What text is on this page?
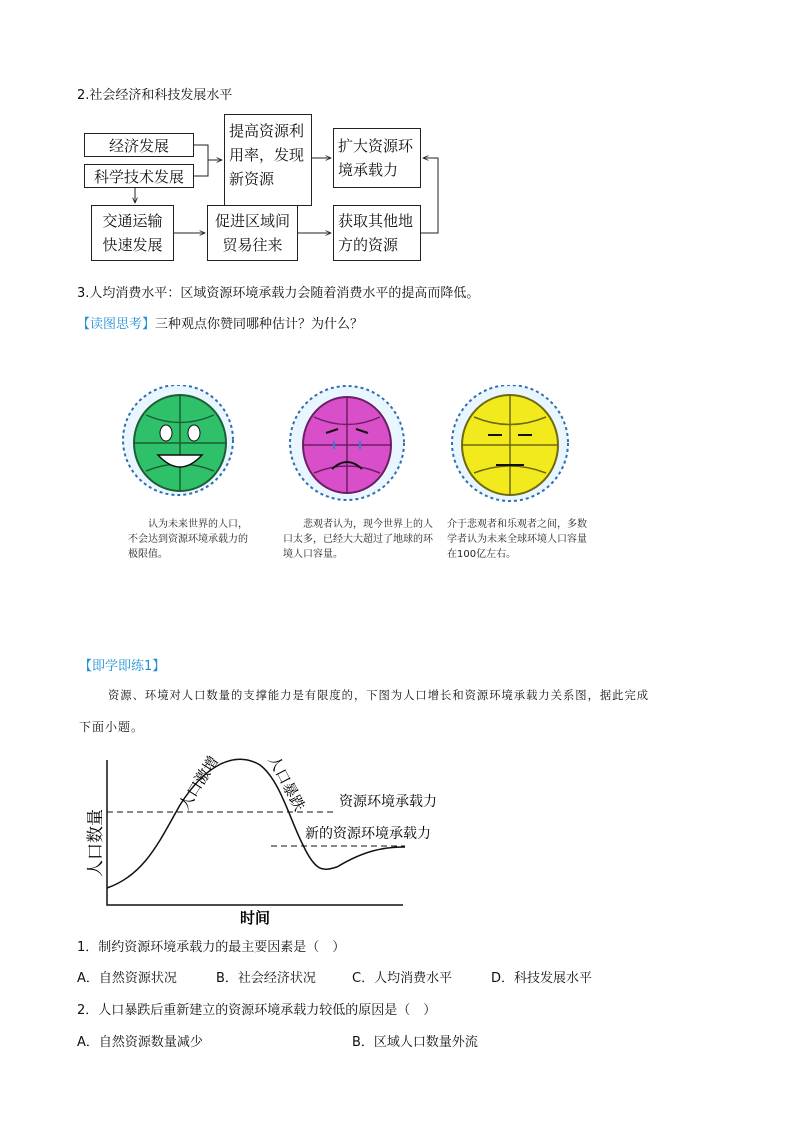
2.社会经济和科技发展水平
经济发展
科学技术发展
提高资源利
用率，发现
新资源
扩大资源环
境承载力
交通运输
快速发展
促进区域间
贸易往来
获取其他地
方的资源
3.人均消费水平：区域资源环境承载力会随着消费水平的提高而降低。
【读图思考】三种观点你赞同哪种估计？为什么？
认为未来世界的人口，不会达到资源环境承载力的极限值。
悲观者认为，现今世界上的人口太多，已经大大超过了地球的环境人口容量。
介于悲观者和乐观者之间，多数学者认为未来全球环境人口容量在100亿左右。
【即学即练1】
资源、环境对人口数量的支撑能力是有限度的，下图为人口增长和资源环境承载力关系图，据此完成
下面小题。
人口数量
时间
人口激增	人口暴跌 资源环境承载力
新的资源环境承载力
1．制约资源环境承载力的最主要因素是（　）
A．自然资源状况	B．社会经济状况	C．人均消费水平	D．科技发展水平
2．人口暴跌后重新建立的资源环境承载力较低的原因是（　）
A．自然资源数量减少	B．区域人口数量外流
